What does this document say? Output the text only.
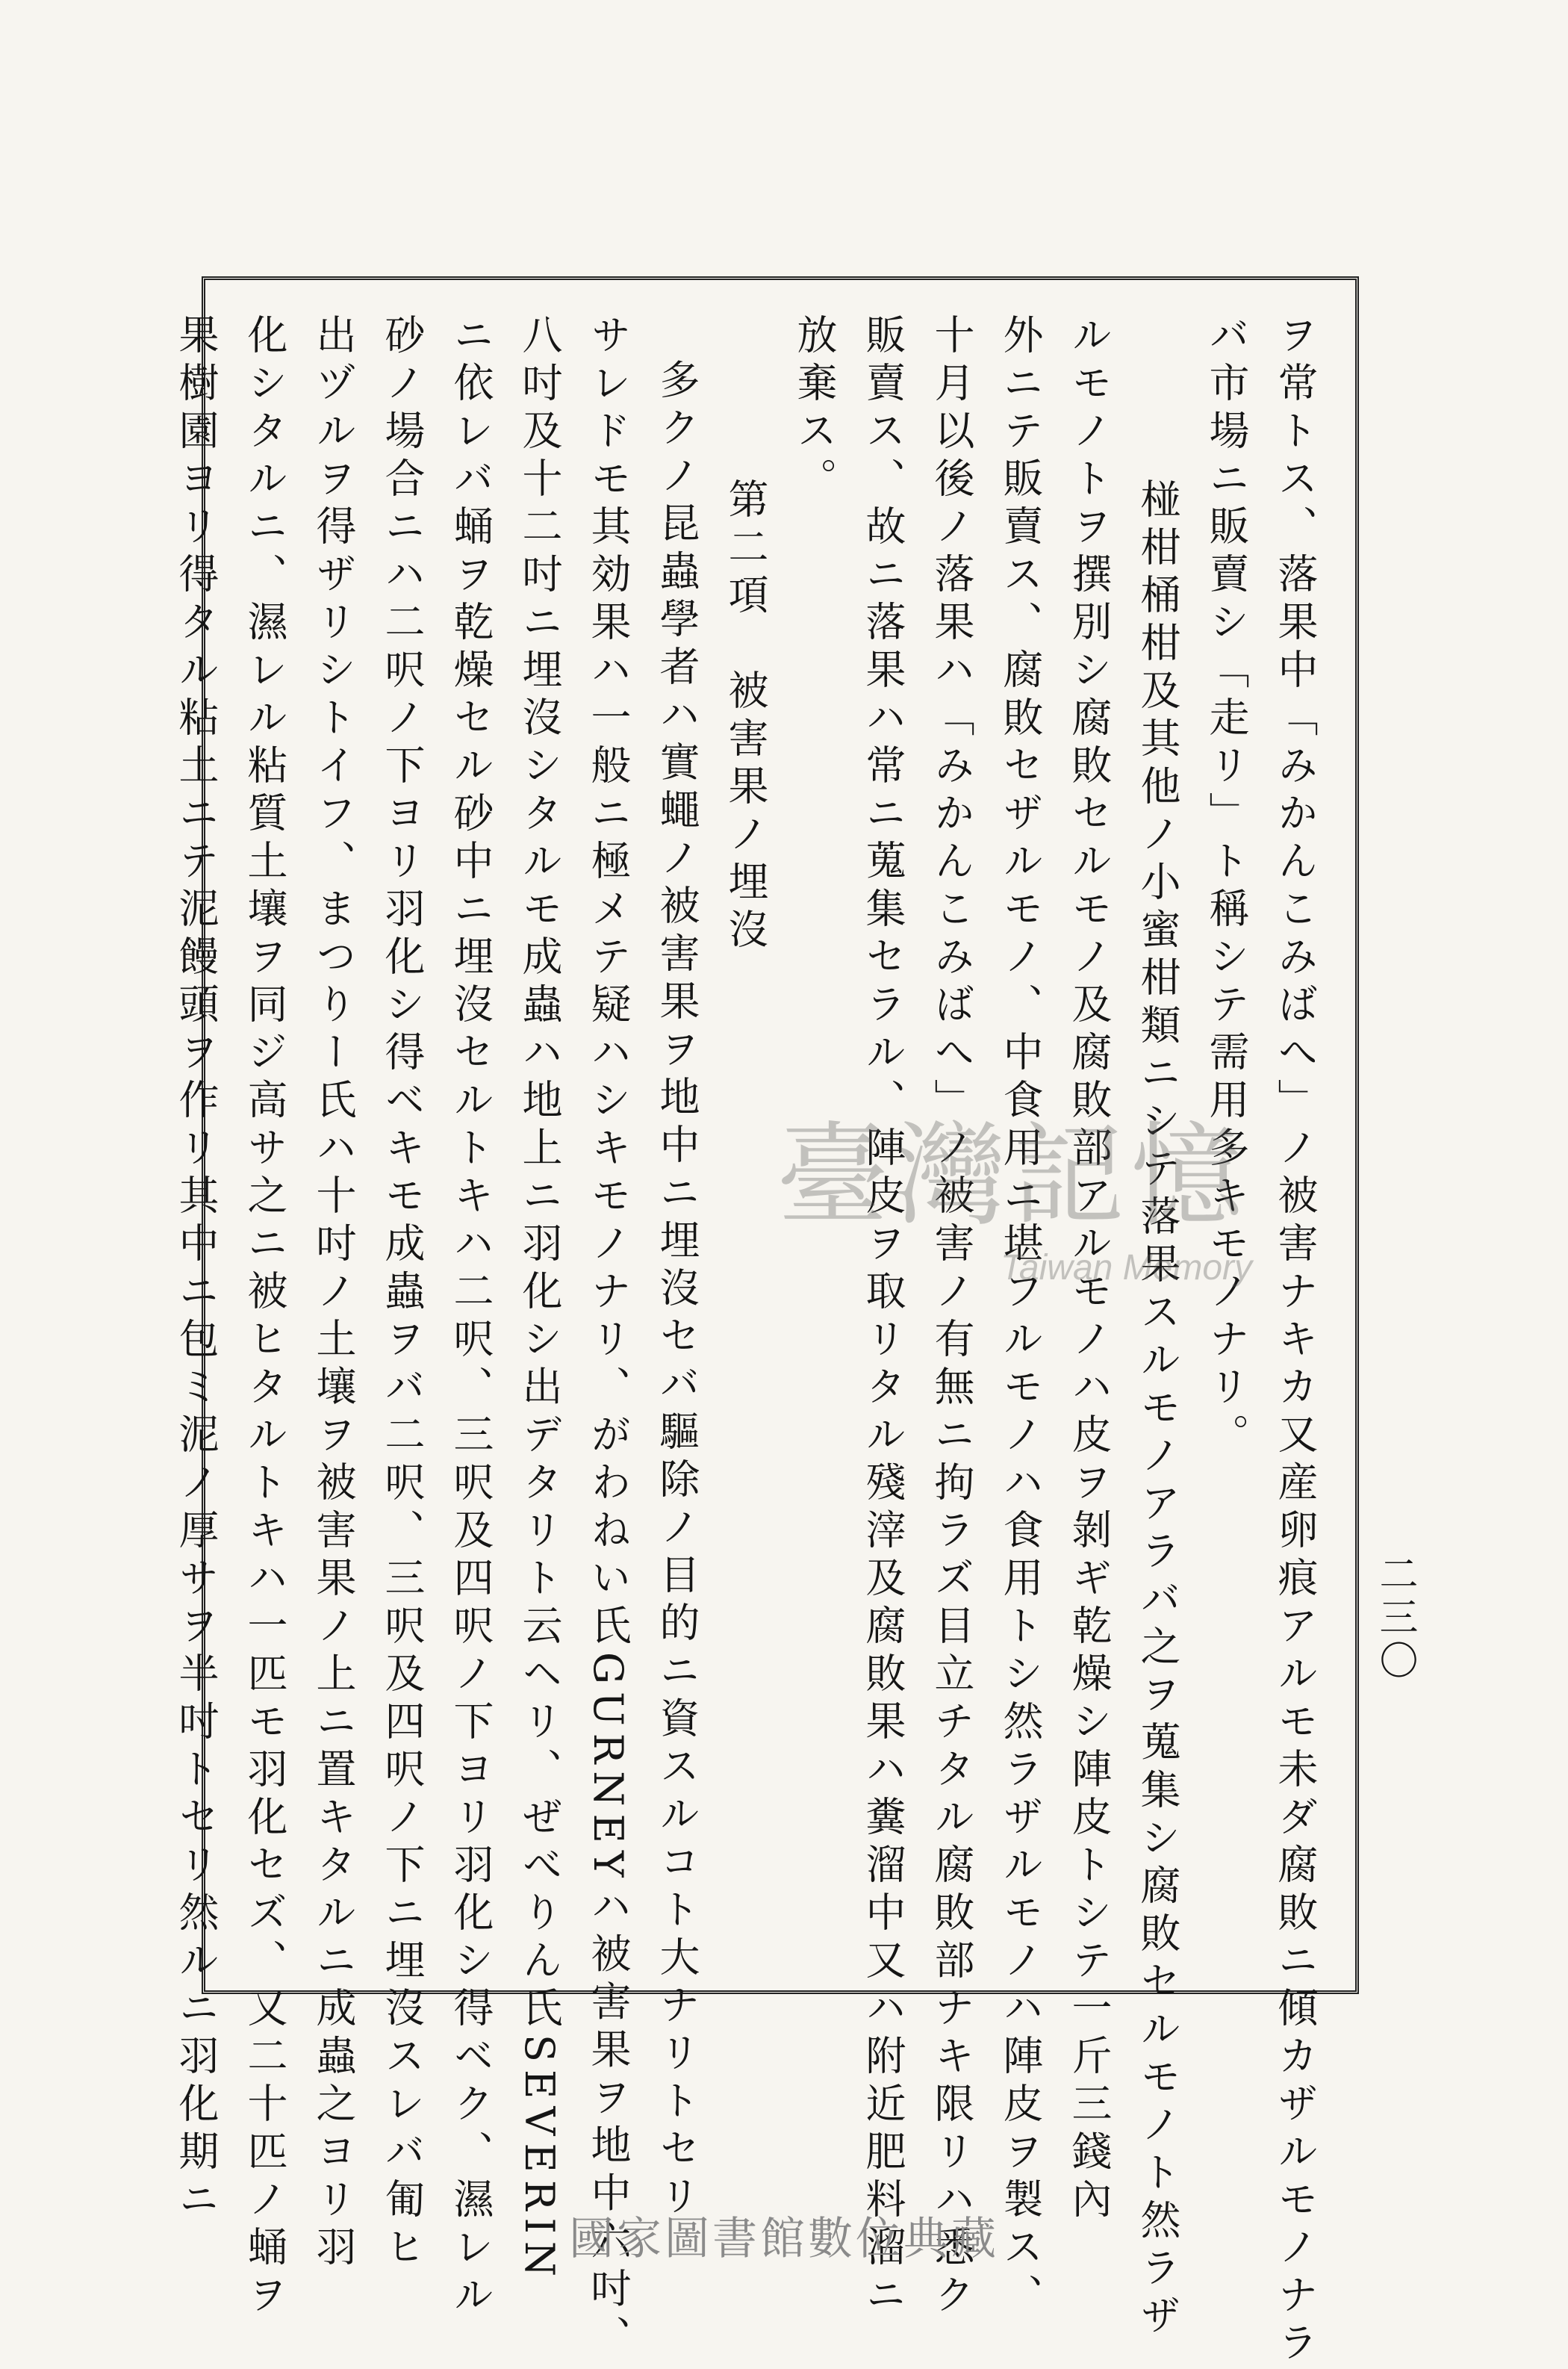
二三〇
ヲ常トス、落果中「みかんこみばへ」ノ被害ナキカ又産卵痕アルモ未ダ腐敗ニ傾カザルモノナラ
バ市場ニ販賣シ「走リ」ト稱シテ需用多キモノナリ。
椪柑桶柑及其他ノ小蜜柑類ニシテ落果スルモノアラバ之ヲ蒐集シ腐敗セルモノト然ラザ
ルモノトヲ撰別シ腐敗セルモノ及腐敗部アルモノハ皮ヲ剝ギ乾燥シ陣皮トシテ一斤三錢內
外ニテ販賣ス、腐敗セザルモノ、中食用ニ堪フルモノハ食用トシ然ラザルモノハ陣皮ヲ製ス、
十月以後ノ落果ハ「みかんこみばへ」ノ被害ノ有無ニ拘ラズ目立チタル腐敗部ナキ限リハ悉ク
販賣ス、故ニ落果ハ常ニ蒐集セラル、陣皮ヲ取リタル殘滓及腐敗果ハ糞溜中又ハ附近肥料溜ニ
放棄ス。
第二項　被害果ノ埋沒
多クノ昆蟲學者ハ實蠅ノ被害果ヲ地中ニ埋沒セバ驅除ノ目的ニ資スルコト大ナリトセリ
サレドモ其効果ハ一般ニ極メテ疑ハシキモノナリ、がわねい氏GURNEYハ被害果ヲ地中六吋、
八吋及十二吋ニ埋沒シタルモ成蟲ハ地上ニ羽化シ出デタリト云ヘリ、ぜべりん氏SEVERIN
ニ依レバ蛹ヲ乾燥セル砂中ニ埋沒セルトキハ二呎、三呎及四呎ノ下ヨリ羽化シ得ベク、濕レル
砂ノ場合ニハ二呎ノ下ヨリ羽化シ得ベキモ成蟲ヲバ二呎、三呎及四呎ノ下ニ埋沒スレバ匍ヒ
出ヅルヲ得ザリシトイフ、まつりー氏ハ十吋ノ土壤ヲ被害果ノ上ニ置キタルニ成蟲之ヨリ羽
化シタルニ、濕レル粘質土壤ヲ同ジ高サ之ニ被ヒタルトキハ一匹モ羽化セズ、又二十匹ノ蛹ヲ
果樹園ヨリ得タル粘土ニテ泥饅頭ヲ作リ其中ニ包ミ泥ノ厚サヲ半吋トセリ然ルニ羽化期ニ	臺灣記憶
Taiwan Memory
國家圖書館數位典藏
